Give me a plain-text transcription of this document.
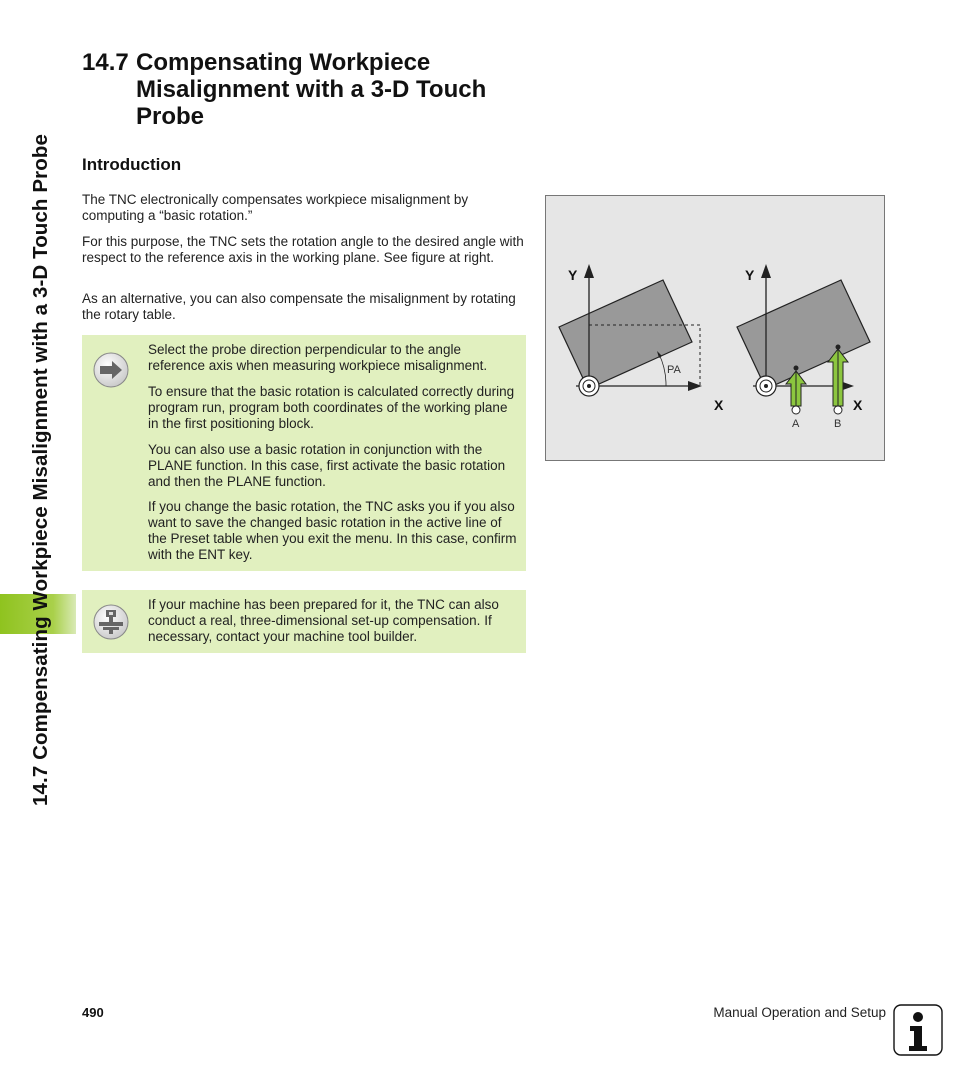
14.7 Compensating Workpiece Misalignment with a 3-D Touch Probe
14.7 Compensating Workpiece Misalignment with a 3-D Touch Probe
Introduction

The TNC electronically compensates workpiece misalignment by computing a “basic rotation.”

For this purpose, the TNC sets the rotation angle to the desired angle with respect to the reference axis in the working plane. See figure at right.

As an alternative, you can also compensate the misalignment by rotating the rotary table.

Select the probe direction perpendicular to the angle reference axis when measuring workpiece misalignment.

To ensure that the basic rotation is calculated correctly during program run, program both coordinates of the working plane in the first positioning block.

You can also use a basic rotation in conjunction with the PLANE function. In this case, first activate the basic rotation and then the PLANE function.

If you change the basic rotation, the TNC asks you if you also want to save the changed basic rotation in the active line of the Preset table when you exit the menu. In this case, confirm with the ENT key.

If your machine has been prepared for it, the TNC can also conduct a real, three-dimensional set-up compensation. If necessary, contact your machine tool builder.

Y
X
PA
Y
X
A	B
490	Manual Operation and Setup
